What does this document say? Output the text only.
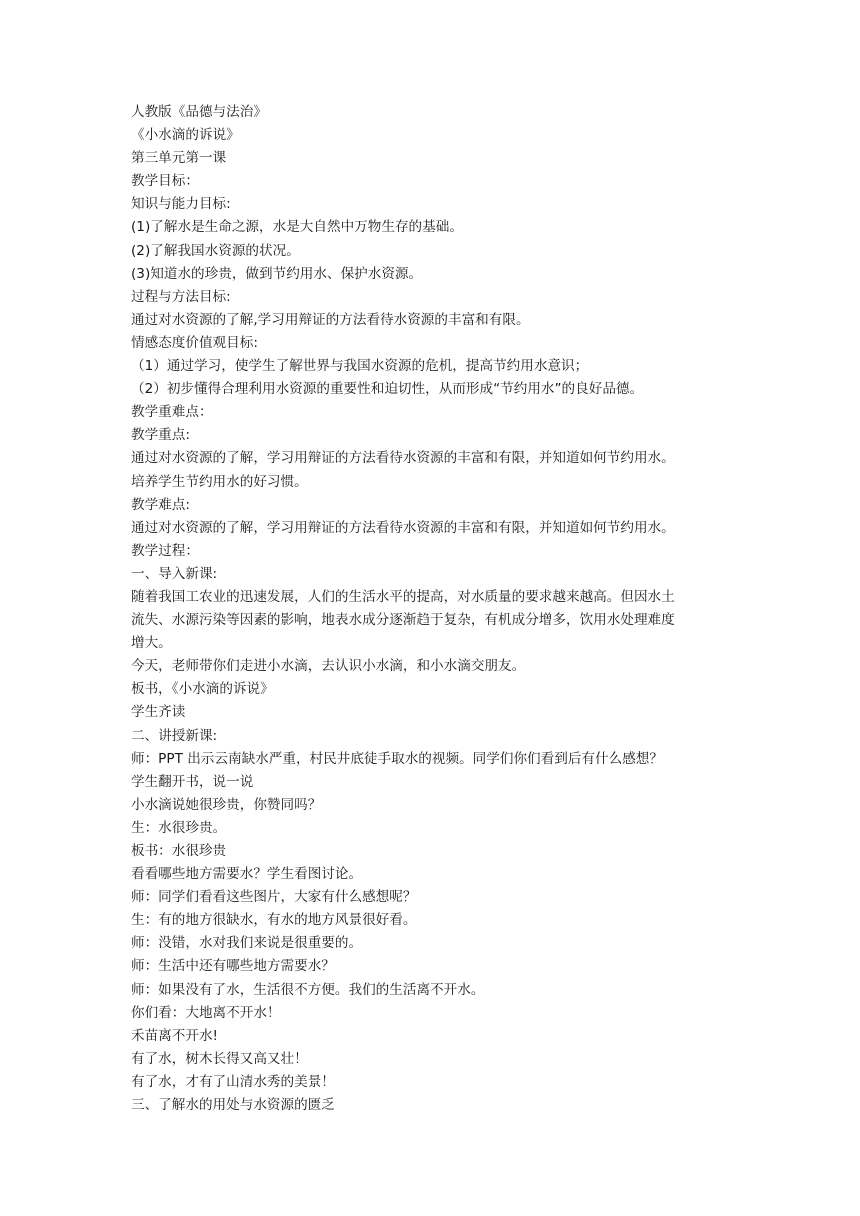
人教版《品德与法治》

《小水滴的诉说》

第三单元第一课

教学目标：

知识与能力目标:

(1)了解水是生命之源，水是大自然中万物生存的基础。

(2)了解我国水资源的状况。

(3)知道水的珍贵，做到节约用水、保护水资源。

过程与方法目标:

通过对水资源的了解,学习用辩证的方法看待水资源的丰富和有限。

情感态度价值观目标:

（1）通过学习，使学生了解世界与我国水资源的危机，提高节约用水意识；

（2）初步懂得合理利用水资源的重要性和迫切性，从而形成“节约用水”的良好品德。

教学重难点：

教学重点:

通过对水资源的了解，学习用辩证的方法看待水资源的丰富和有限，并知道如何节约用水。

培养学生节约用水的好习惯。

教学难点:

通过对水资源的了解，学习用辩证的方法看待水资源的丰富和有限，并知道如何节约用水。

教学过程：

一、导入新课:

随着我国工农业的迅速发展，人们的生活水平的提高，对水质量的要求越来越高。但因水土

流失、水源污染等因素的影响，地表水成分逐渐趋于复杂，有机成分增多，饮用水处理难度

增大。

今天，老师带你们走进小水滴，去认识小水滴，和小水滴交朋友。

板书，《小水滴的诉说》

学生齐读

二、讲授新课:

师：PPT 出示云南缺水严重，村民井底徒手取水的视频。同学们你们看到后有什么感想？

学生翻开书，说一说

小水滴说她很珍贵，你赞同吗？

生：水很珍贵。

板书：水很珍贵

看看哪些地方需要水？学生看图讨论。

师：同学们看看这些图片，大家有什么感想呢？

生：有的地方很缺水，有水的地方风景很好看。

师：没错，水对我们来说是很重要的。

师：生活中还有哪些地方需要水？

师：如果没有了水，生活很不方便。我们的生活离不开水。

你们看：大地离不开水！

禾苗离不开水!

有了水，树木长得又高又壮！

有了水，才有了山清水秀的美景！

三、了解水的用处与水资源的匮乏
